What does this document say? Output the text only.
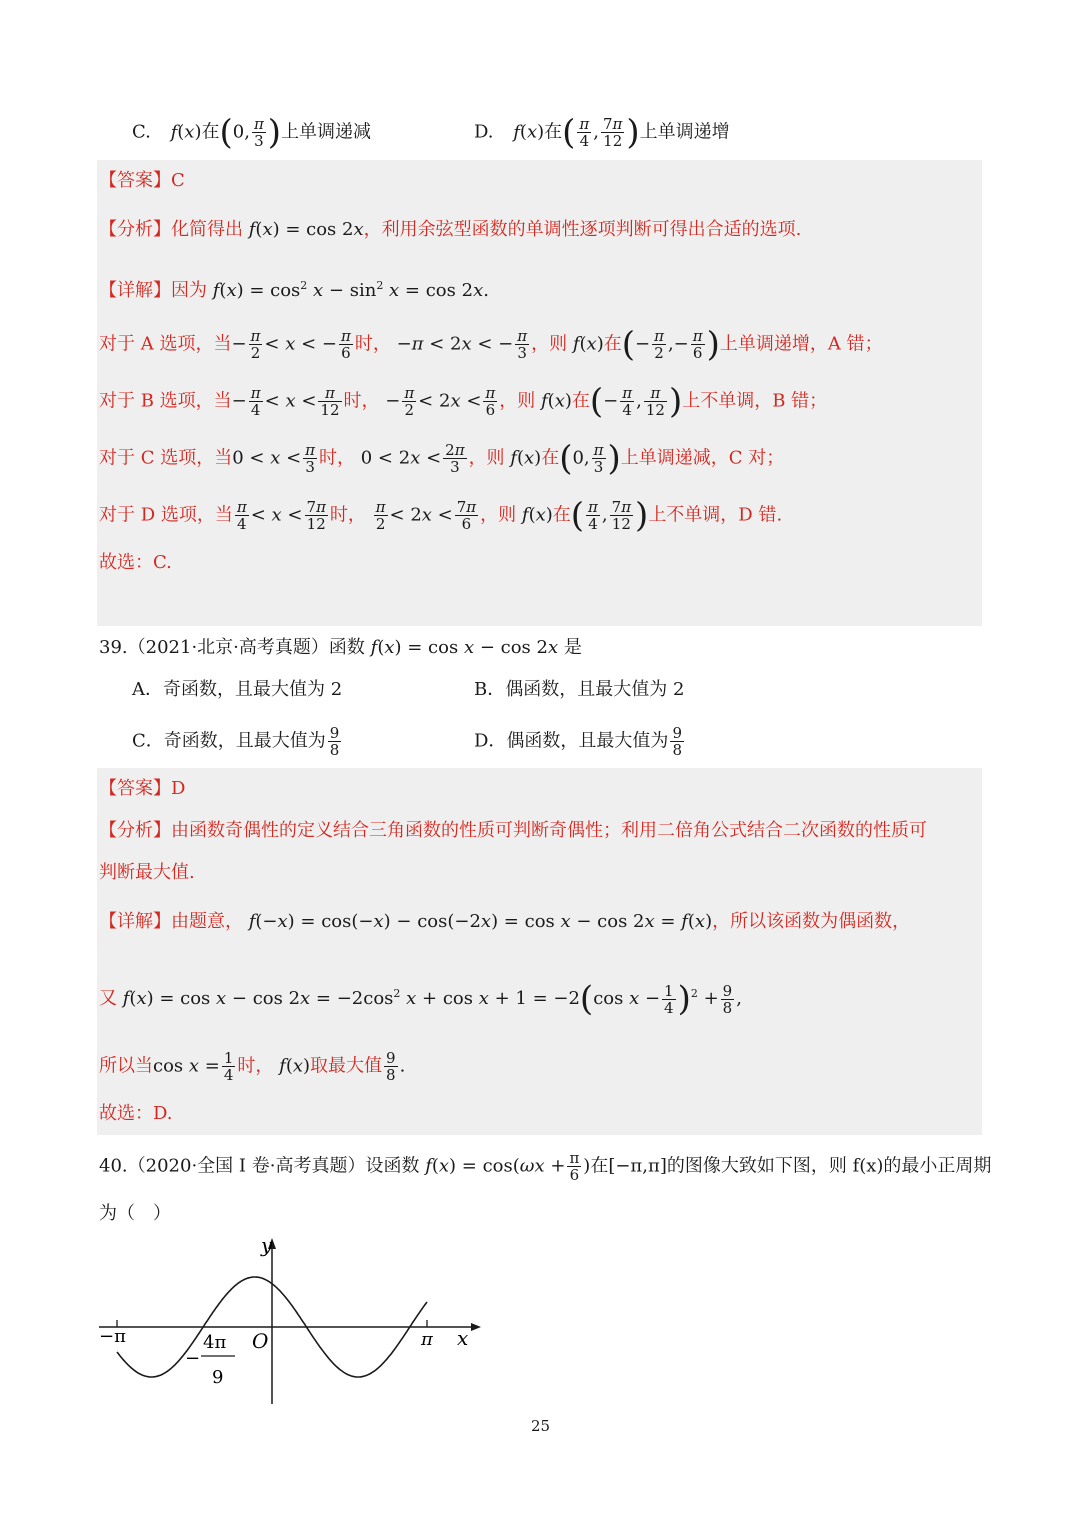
C. f(x)在(0, $\frac{\pi}{3}$ )上单调递减	D. f(x)在( $\frac{\pi}{4}$ , $\frac{7\pi}{12}$ )上单调递增
【答案】C
【分析】化简得出 f(x) = cos 2x，利用余弦型函数的单调性逐项判断可得出合适的选项.
【详解】因为 $f(x) = \cos^2 x - \sin^2 x = \cos 2x$.
对于 A 选项，当− $\frac{\pi}{2} < x$ < − $\frac{\pi}{6}$ 时， −π < 2x < − $\frac{\pi}{3}$ ，则 f(x)在(− $\frac{\pi}{2}$ ,− $\frac{\pi}{6}$ )上单调递增，A 错；
对于 B 选项，当− $\frac{\pi}{4} < x < \frac{\pi}{12}$ 时， − $\frac{\pi}{2} < 2x < \frac{\pi}{6}$ ，则 f(x)在(− $\frac{\pi}{4}$ , $\frac{\pi}{12}$ )上不单调，B 错；
对于 C 选项，当$0 < x < \frac{\pi}{3}$ 时， $0 < 2x < \frac{2\pi}{3}$ ，则 f(x)在(0, $\frac{\pi}{3}$ )上单调递减，C 对；
对于 D 选项，当 $\frac{\pi}{4} < x < \frac{7\pi}{12}$ 时， $\frac{\pi}{2} < 2x < \frac{7\pi}{6}$ ，则 f(x)在( $\frac{\pi}{4}$ , $\frac{7\pi}{12}$ )上不单调，D 错.
故选：C.
39.（2021·北京·高考真题）函数 f(x) = cos x − cos 2x 是
A．奇函数，且最大值为 2	B．偶函数，且最大值为 2
C．奇函数，且最大值为 $\frac{9}{8}$	D．偶函数，且最大值为 $\frac{9}{8}$
【答案】D
【分析】由函数奇偶性的定义结合三角函数的性质可判断奇偶性；利用二倍角公式结合二次函数的性质可
判断最大值.
【详解】由题意， f(−x) = cos(−x) − cos(−2x) = cos x − cos 2x = f(x)，所以该函数为偶函数，
又 $f(x) = \cos x - \cos 2x = -2\cos^2$ x + cos x + 1 = −2(cos $x - \frac{1}{4} )^2 + \frac{9}{8}$ ,
所以当$\cos x = \frac{1}{4}$ 时， f(x)取最大值 $\frac{9}{8}$ .
故选：D.
40.（2020·全国 I 卷·高考真题）设函数 $f(x) = \cos(\omega x + \frac{\pi}{6}$ )在[−π,π]的图像大致如下图，则 f(x)的最小正周期
为（　）
y
x
O
−π	π
−
4π
9
25
